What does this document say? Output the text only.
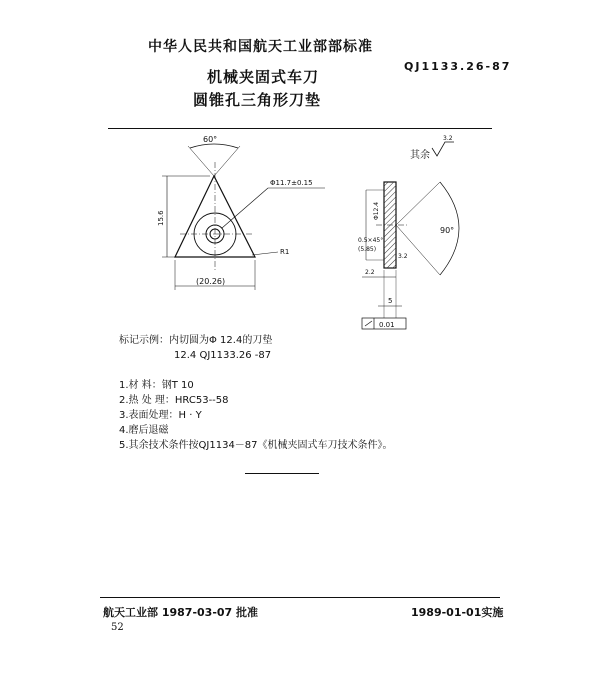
中华人民共和国航天工业部部标准
QJ1133.26-87
机械夹固式车刀
圆锥孔三角形刀垫
60°
Φ11.7±0.15
15.6
R1
(20.26)
其余
3.2
90°
Φ12.4
0.5×45°
(5.85)
3.2
2.2
5
0.01
标记示例：内切圆为Φ 12.4的刀垫
12.4 QJ1133.26 -87
1.材 料：钢T 10
2.热 处 理：HRC53--58
3.表面处理：H · Y
4.磨后退磁
5.其余技术条件按QJ1134－87《机械夹固式车刀技术条件》。
航天工业部 1987-03-07 批准	1989-01-01实施
52
